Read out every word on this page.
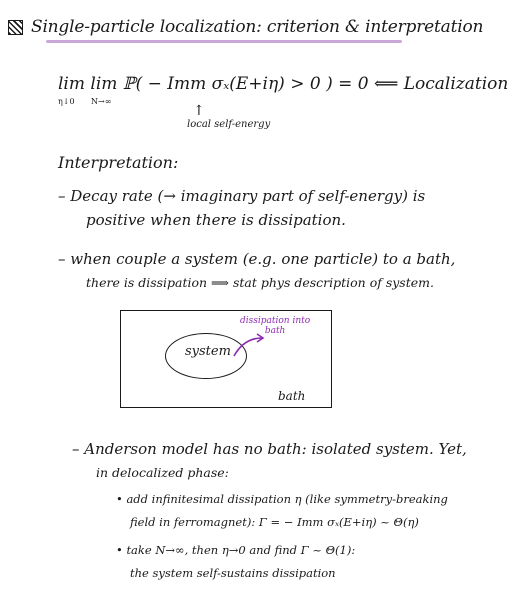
Single-particle localization: criterion & interpretation
lim lim ℙ( − Imm σₓ(E+iη) > 0 ) = 0 ⟸ Localization
η↓0 N→∞
↑
local self-energy
Interpretation:
– Decay rate (→ imaginary part of self-energy) is
positive when there is dissipation.
– when couple a system (e.g. one particle) to a bath,
there is dissipation ⟹ stat phys description of system.
system
dissipation into
bath
bath
– Anderson model has no bath: isolated system. Yet,
in delocalized phase:
• add infinitesimal dissipation η (like symmetry-breaking
field in ferromagnet): Γ = − Imm σₓ(E+iη) ~ Θ(η)
• take N→∞, then η→0 and find Γ ~ Θ(1):
the system self-sustains dissipation
